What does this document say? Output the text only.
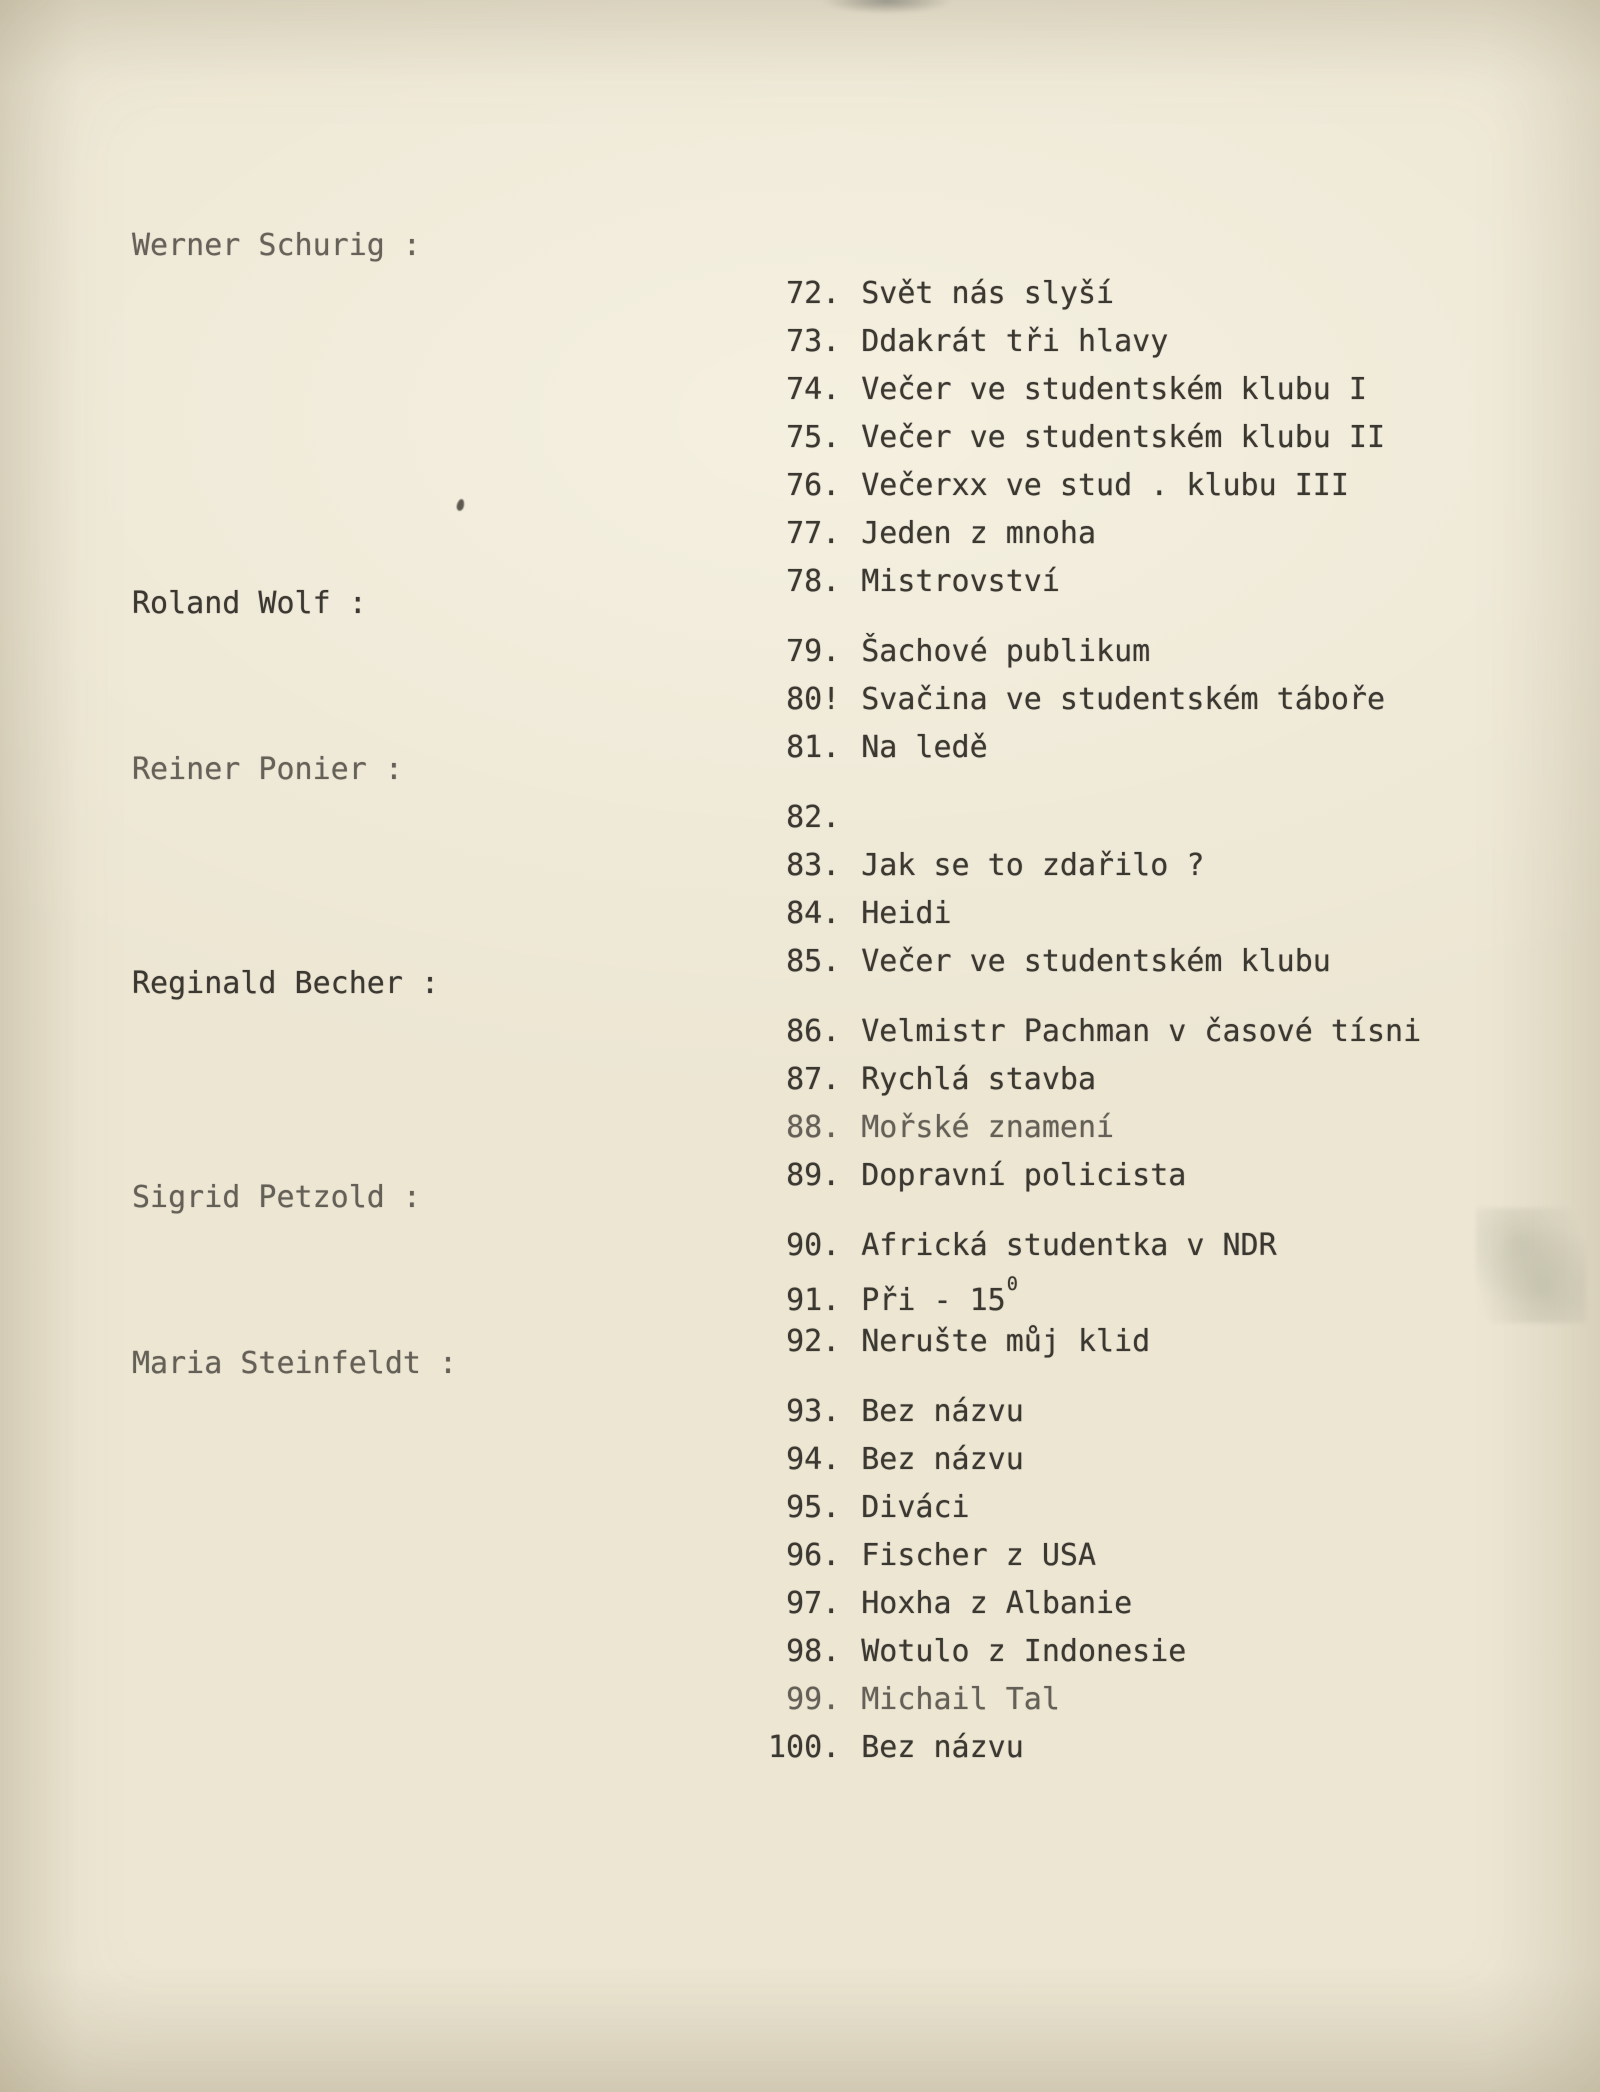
Werner Schurig :

72. Svět nás slyší

73. Ddakrát tři hlavy

74. Večer ve studentském klubu I

75. Večer ve studentském klubu II

76. Večerxx ve stud . klubu III

77. Jeden z mnoha

78. Mistrovství

Roland Wolf :

79. Šachové publikum

80! Svačina ve studentském táboře

81. Na ledě

Reiner Ponier :

82.

83. Jak se to zdařilo ?

84. Heidi

85. Večer ve studentském klubu

Reginald Becher :

86. Velmistr Pachman v časové tísni

87. Rychlá stavba

88. Mořské znamení

89. Dopravní policista

Sigrid Petzold :

90. Africká studentka v NDR

91. Při - $15^0$

92. Nerušte můj klid

Maria Steinfeldt :

93. Bez názvu

94. Bez názvu

95. Diváci

96. Fischer z USA

97. Hoxha z Albanie

98. Wotulo z Indonesie

99. Michail Tal

100. Bez názvu
